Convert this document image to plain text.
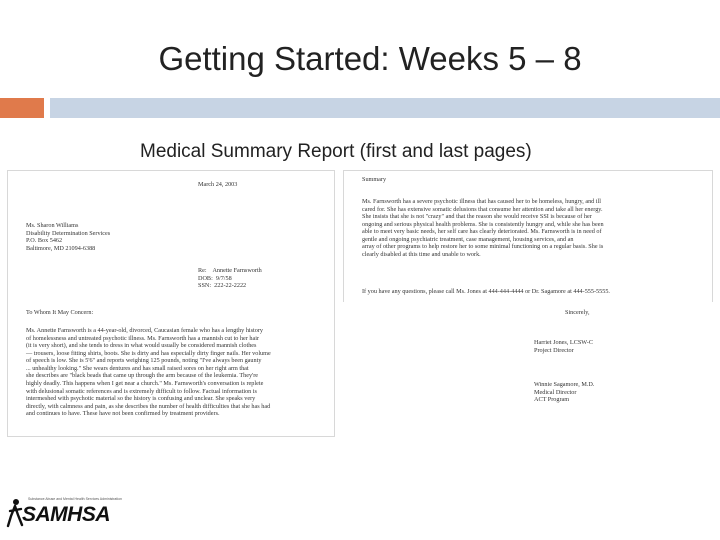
Getting Started: Weeks 5 – 8
Medical Summary Report (first and last pages)
March 24, 2003
Ms. Sharon Williams
Disability Determination Services
P.O. Box 5462
Baltimore, MD 21094-6388
Re:    Annette Farnsworth
DOB:  9/7/58
SSN:  222-22-2222
To Whom It May Concern:
Ms. Annette Farnsworth is a 44-year-old, divorced, Caucasian female who has a lengthy history
of homelessness and untreated psychotic illness. Ms. Farnsworth has a mannish cut to her hair
(it is very short), and she tends to dress in what would usually be considered mannish clothes
— trousers, loose fitting shirts, boots. She is dirty and has especially dirty finger nails. Her volume
of speech is low. She is 5'6" and reports weighing 125 pounds, noting "I've always been gaunty
... unhealthy looking." She wears dentures and has small raised sores on her right arm that
she describes are "black beads that came up through the arm because of the leukemia. They're
highly deadly. This happens when I get near a church." Ms. Farnsworth's conversation is replete
with delusional somatic references and is extremely difficult to follow. Factual information is
intermeshed with psychotic material so the history is confusing and unclear. She speaks very
directly, with calmness and pain, as she describes the number of health difficulties that she has had
and continues to have. These have not been confirmed by treatment providers.
Summary
Ms. Farnsworth has a severe psychotic illness that has caused her to be homeless, hungry, and ill
cared for. She has extensive somatic delusions that consume her attention and take all her energy.
She insists that she is not "crazy" and that the reason she would receive SSI is because of her
ongoing and serious physical health problems. She is consistently hungry and, while she has been
able to meet very basic needs, her self care has clearly deteriorated. Ms. Farnsworth is in need of
gentle and ongoing psychiatric treatment, case management, housing services, and an
array of other programs to help restore her to some minimal functioning on a regular basis. She is
clearly disabled at this time and unable to work.
If you have any questions, please call Ms. Jones at 444-444-4444 or Dr. Sagamore at 444-555-5555.
Sincerely,
Harriet Jones, LCSW-C
Project Director
Winnie Sagamore, M.D.
Medical Director
ACT Program
Substance Abuse and Mental Health Services Administration
SAMHSA
